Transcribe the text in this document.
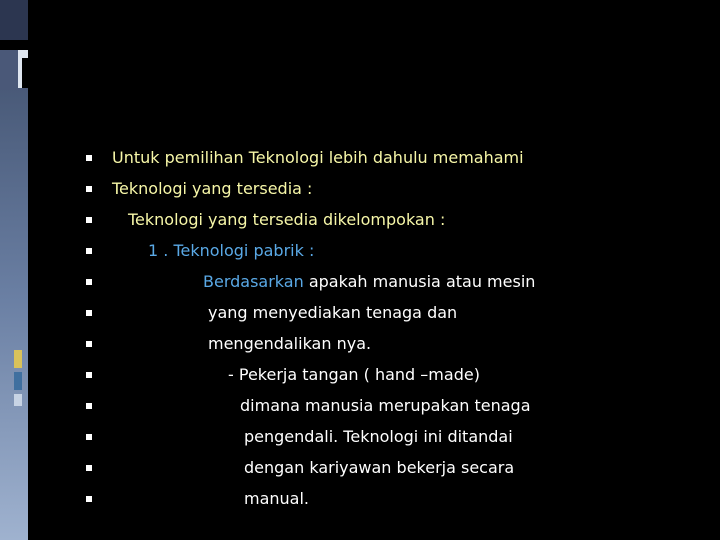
Untuk pemilihan Teknologi lebih dahulu memahami
Teknologi yang tersedia :
Teknologi yang tersedia dikelompokan :
1 . Teknologi pabrik :
Berdasarkan apakah manusia atau mesin
yang menyediakan tenaga dan
mengendalikan nya.
- Pekerja tangan ( hand –made)
dimana manusia merupakan tenaga
pengendali. Teknologi ini ditandai
dengan kariyawan bekerja secara
manual.
